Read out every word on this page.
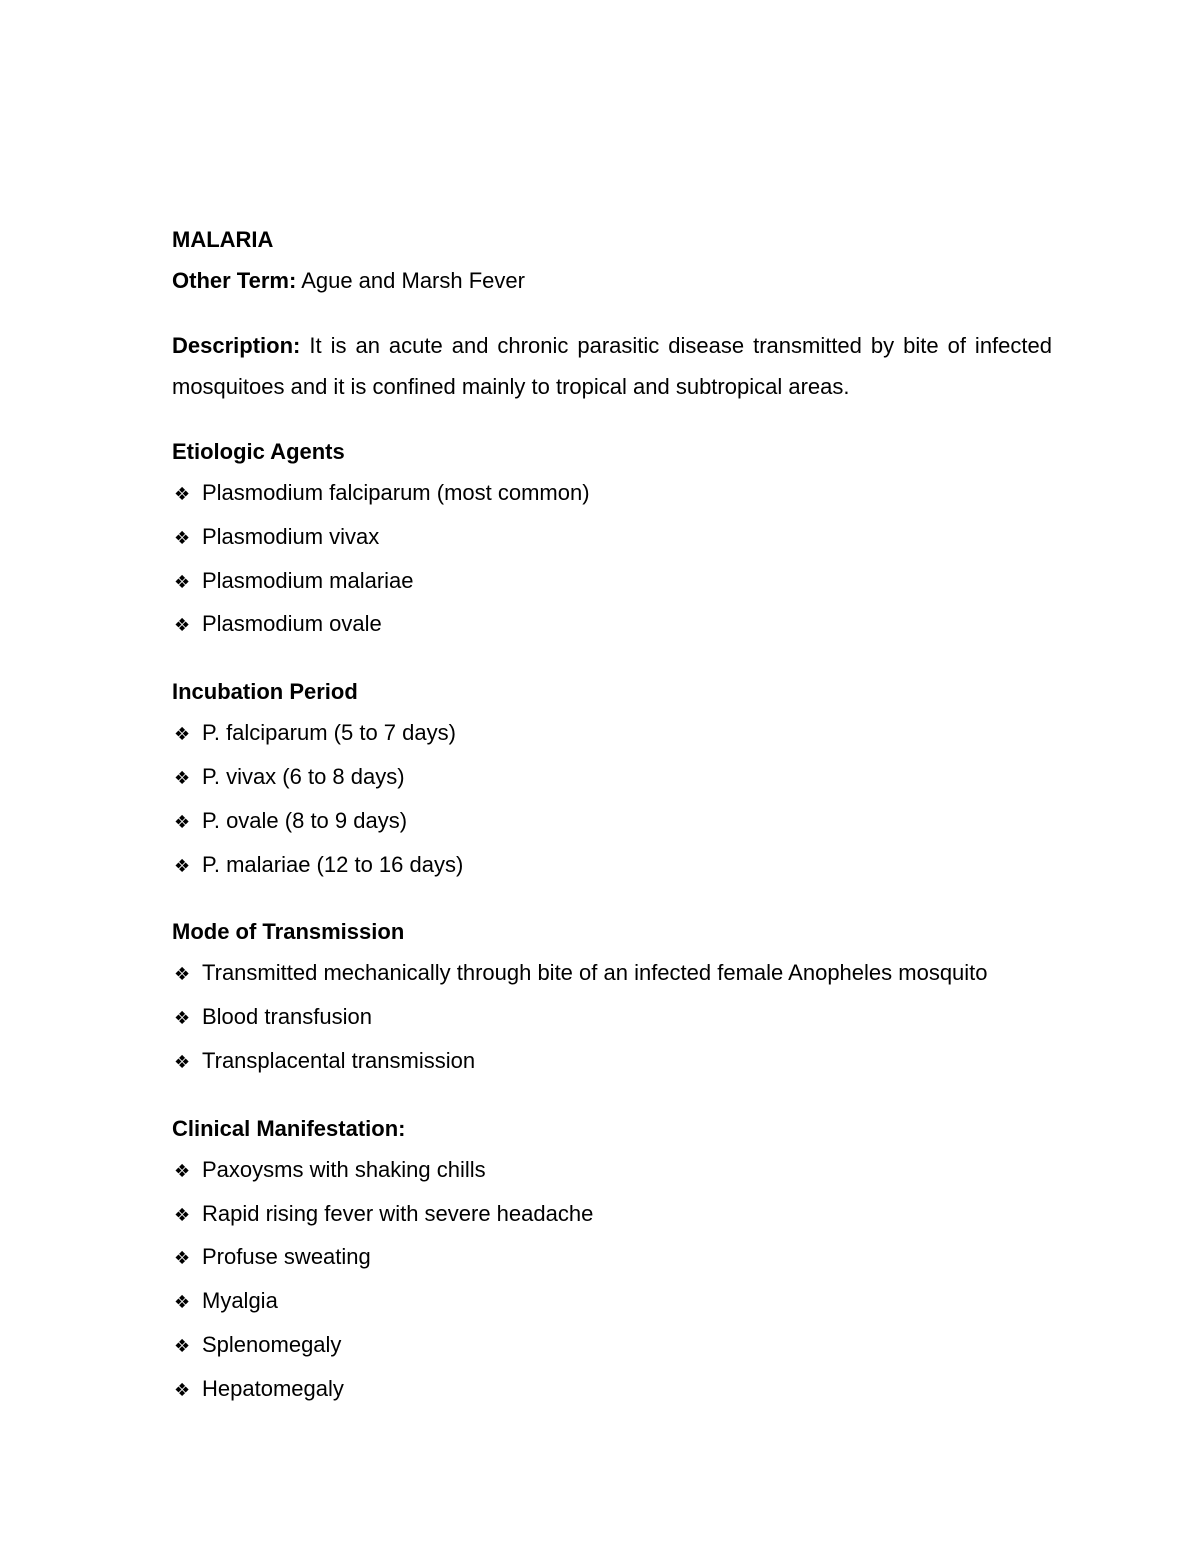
MALARIA

Other Term: Ague and Marsh Fever

Description: It is an acute and chronic parasitic disease transmitted by bite of infected mosquitoes and it is confined mainly to tropical and subtropical areas.

Etiologic Agents

❖ Plasmodium falciparum (most common)
❖ Plasmodium vivax
❖ Plasmodium malariae
❖ Plasmodium ovale

Incubation Period

❖ P. falciparum (5 to 7 days)
❖ P. vivax (6 to 8 days)
❖ P. ovale (8 to 9 days)
❖ P. malariae (12 to 16 days)

Mode of Transmission

❖ Transmitted mechanically through bite of an infected female Anopheles mosquito
❖ Blood transfusion
❖ Transplacental transmission

Clinical Manifestation:

❖ Paxoysms with shaking chills
❖ Rapid rising fever with severe headache
❖ Profuse sweating
❖ Myalgia
❖ Splenomegaly
❖ Hepatomegaly
